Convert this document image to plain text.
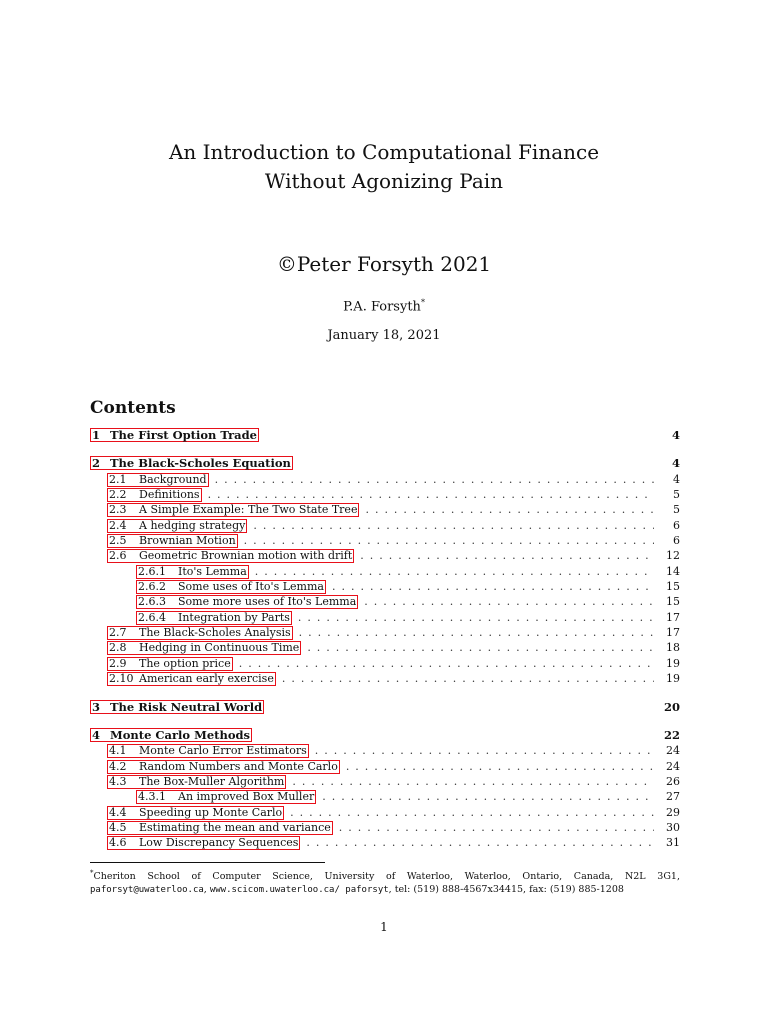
An Introduction to Computational Finance
Without Agonizing Pain
©Peter Forsyth 2021
P.A. Forsyth*
January 18, 2021
Contents
1 The First Option Trade	4
2 The Black-Scholes Equation	4
2.1	Background . . .	4
2.2	Definitions . . .	5
2.3	A Simple Example: The Two State Tree . . .	5
2.4	A hedging strategy . . .	6
2.5	Brownian Motion . . .	6
2.6	Geometric Brownian motion with drift . . .	12
2.6.1	Ito's Lemma . . .	14
2.6.2	Some uses of Ito's Lemma . . .	15
2.6.3	Some more uses of Ito's Lemma . . .	15
2.6.4	Integration by Parts . . .	17
2.7	The Black-Scholes Analysis . . .	17
2.8	Hedging in Continuous Time . . .	18
2.9	The option price . . .	19
2.10 American early exercise . . .	19
3 The Risk Neutral World	20
4 Monte Carlo Methods	22
4.1	Monte Carlo Error Estimators . . .	24
4.2	Random Numbers and Monte Carlo . . .	24
4.3	The Box-Muller Algorithm . . .	26
4.3.1	An improved Box Muller . . .	27
4.4	Speeding up Monte Carlo . . .	29
4.5	Estimating the mean and variance . . .	30
4.6	Low Discrepancy Sequences . . .	31
*Cheriton School of Computer Science, University of Waterloo, Waterloo, Ontario, Canada, N2L 3G1,
paforsyt@uwaterloo.ca, www.scicom.uwaterloo.ca/ paforsyt, tel: (519) 888-4567x34415, fax: (519) 885-1208
1
